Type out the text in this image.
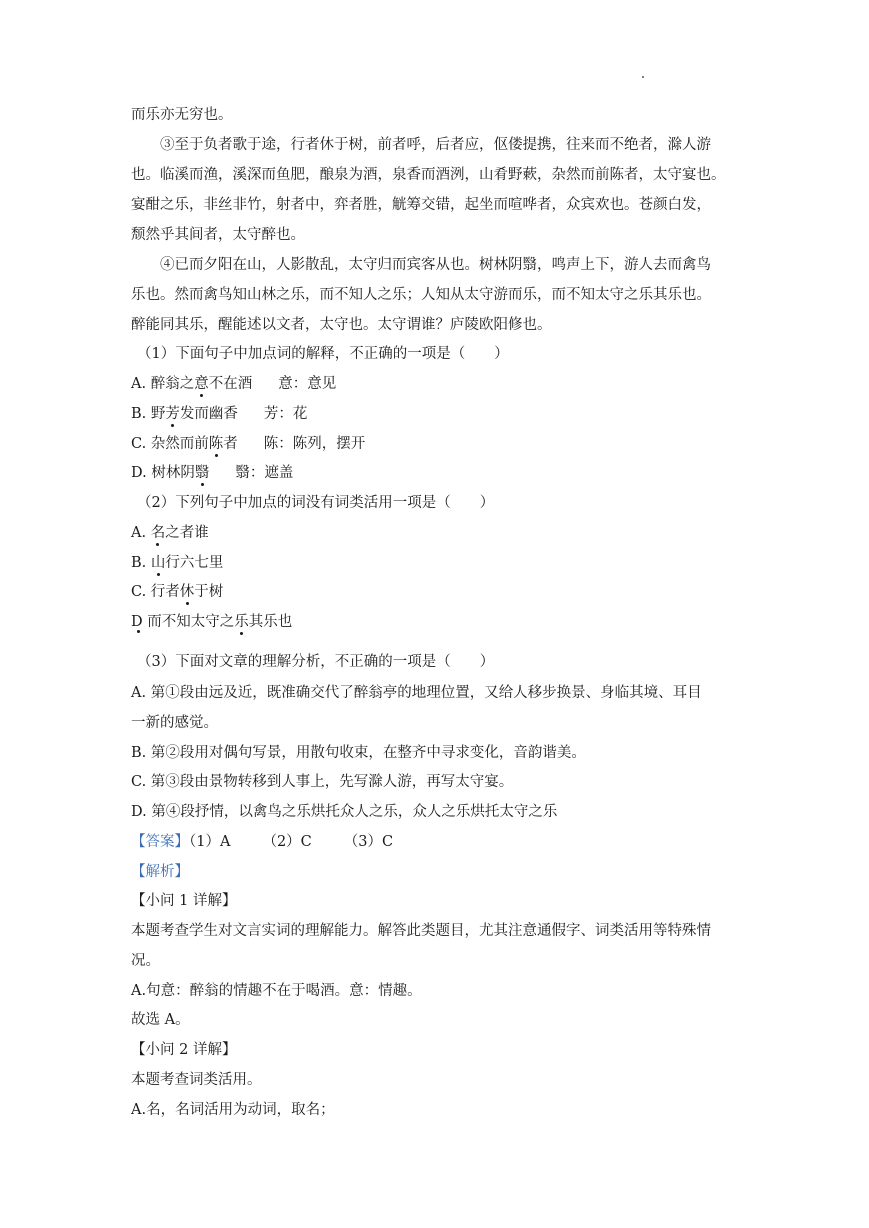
而乐亦无穷也。
③至于负者歌于途，行者休于树，前者呼，后者应，伛偻提携，往来而不绝者，滁人游
也。临溪而渔，溪深而鱼肥，酿泉为酒，泉香而酒洌，山肴野蔌，杂然而前陈者，太守宴也。
宴酣之乐，非丝非竹，射者中，弈者胜，觥筹交错，起坐而喧哗者，众宾欢也。苍颜白发，
颓然乎其间者，太守醉也。
④已而夕阳在山，人影散乱，太守归而宾客从也。树林阴翳，鸣声上下，游人去而禽鸟
乐也。然而禽鸟知山林之乐，而不知人之乐；人知从太守游而乐，而不知太守之乐其乐也。
醉能同其乐，醒能述以文者，太守也。太守谓谁？庐陵欧阳修也。
（1）下面句子中加点词的解释，不正确的一项是（　　）
A. 醉翁之意不在酒 意：意见
B. 野芳发而幽香 芳：花
C. 杂然而前陈者 陈：陈列，摆开
D. 树林阴翳 翳：遮盖
（2）下列句子中加点的词没有词类活用一项是（　　）
A. 名之者谁
B. 山行六七里
C. 行者休于树
D 而不知太守之乐其乐也
（3）下面对文章的理解分析，不正确的一项是（　　）
A. 第①段由远及近，既准确交代了醉翁亭的地理位置，又给人移步换景、身临其境、耳目
一新的感觉。
B. 第②段用对偶句写景，用散句收束，在整齐中寻求变化，音韵谐美。
C. 第③段由景物转移到人事上，先写滁人游，再写太守宴。
D. 第④段抒情，以禽鸟之乐烘托众人之乐，众人之乐烘托太守之乐
【答案】（1）A （2）C （3）C
【解析】
【小问 1 详解】
本题考查学生对文言实词的理解能力。解答此类题目，尤其注意通假字、词类活用等特殊情
况。
A.句意：醉翁的情趣不在于喝酒。意：情趣。
故选 A。
【小问 2 详解】
本题考查词类活用。
A.名，名词活用为动词，取名；
